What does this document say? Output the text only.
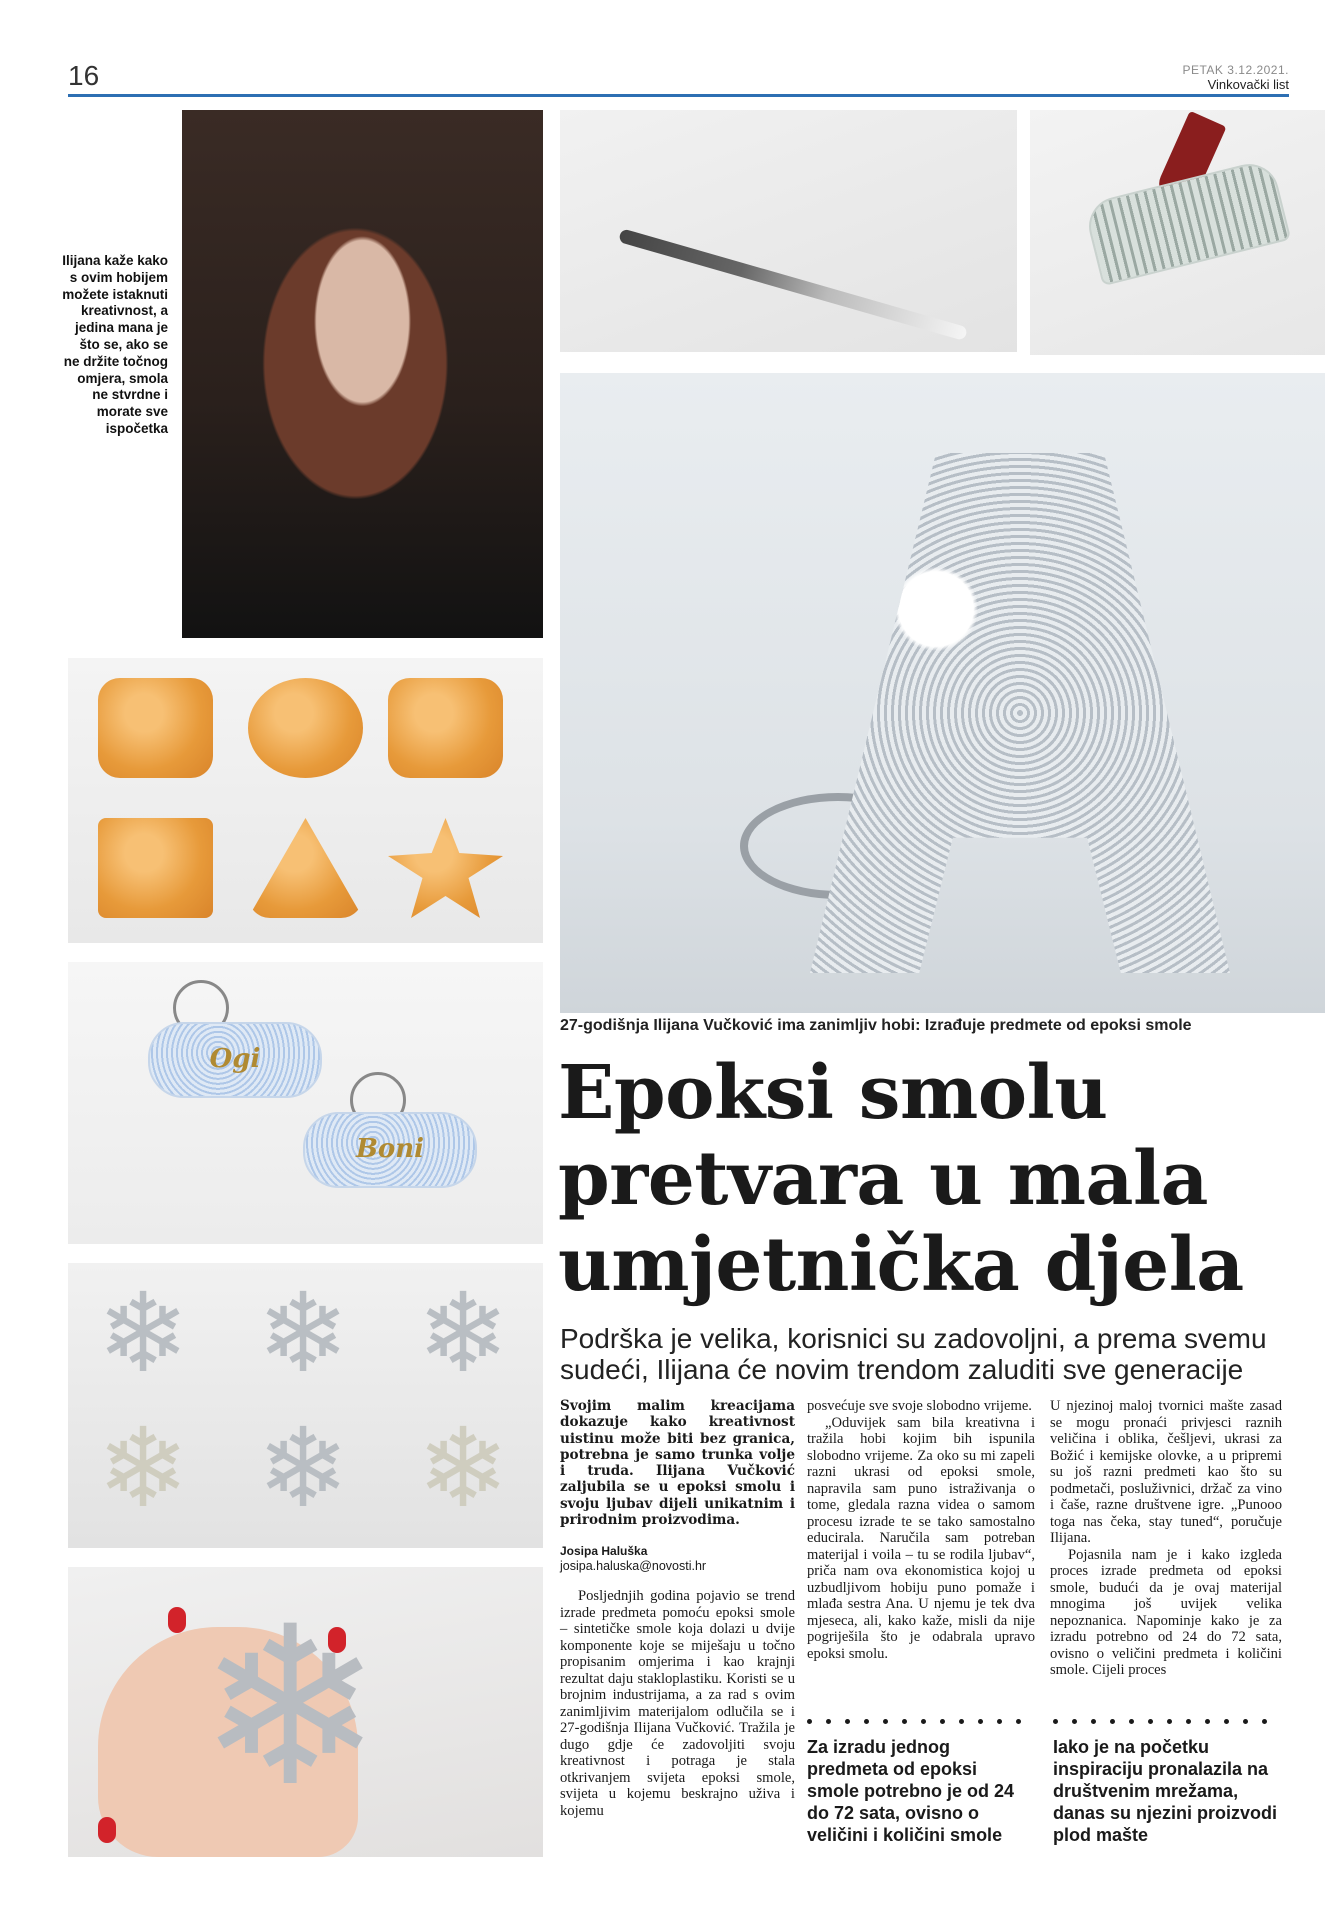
16	PETAK 3.12.2021.
Vinkovački list
Ogi
Boni
❄ ❄ ❄
❄ ❄ ❄
❄
Ilijana kaže kako s ovim hobijem možete istaknuti kreativnost, a jedina mana je što se, ako se ne držite točnog omjera, smola ne stvrdne i morate sve ispočetka
27-godišnja Ilijana Vučković ima zanimljiv hobi: Izrađuje predmete od epoksi smole
Epoksi smolu
pretvara u mala
umjetnička djela

Podrška je velika, korisnici su zadovoljni, a prema svemu sudeći, Ilijana će novim trendom zaluditi sve generacije

Svojim malim kreacijama dokazuje kako kreativnost uistinu može biti bez granica, potrebna je samo trunka volje i truda. Ilijana Vučković zaljubila se u epoksi smolu i svoju ljubav dijeli unikatnim i prirodnim proizvodima.

Josipa Haluška

josipa.haluska@novosti.hr

Posljednjih godina pojavio se trend izrade predmeta pomoću epoksi smole – sintetičke smole koja dolazi u dvije komponente koje se miješaju u točno propisanim omjerima i kao krajnji rezultat daju stakloplastiku. Koristi se u brojnim industrijama, a za rad s ovim zanimljivim materijalom odlučila se i 27-godišnja Ilijana Vučković. Tražila je dugo gdje će zadovoljiti svoju kreativnost i potraga je stala otkrivanjem svijeta epoksi smole, svijeta u kojemu beskrajno uživa i kojemu

posvećuje sve svoje slobodno vrijeme.

„Oduvijek sam bila kreativna i tražila hobi kojim bih ispunila slobodno vrijeme. Za oko su mi zapeli razni ukrasi od epoksi smole, napravila sam puno istraživanja o tome, gledala razna videa o samom procesu izrade te se tako samostalno educirala. Naručila sam potreban materijal i voila – tu se rodila ljubav“, priča nam ova ekonomistica kojoj u uzbudljivom hobiju puno pomaže i mlađa sestra Ana. U njemu je tek dva mjeseca, ali, kako kaže, misli da nije pogriješila što je odabrala upravo epoksi smolu.

Za izradu jednog predmeta od epoksi smole potrebno je od 24 do 72 sata, ovisno o veličini i količini smole

U njezinoj maloj tvornici mašte zasad se mogu pronaći privjesci raznih veličina i oblika, češljevi, ukrasi za Božić i kemijske olovke, a u pripremi su još razni predmeti kao što su podmetači, posluživnici, držač za vino i čaše, razne društvene igre. „Punooo toga nas čeka, stay tuned“, poručuje Ilijana.

Pojasnila nam je i kako izgleda proces izrade predmeta od epoksi smole, budući da je ovaj materijal mnogima još uvijek velika nepoznanica. Napominje kako je za izradu potrebno od 24 do 72 sata, ovisno o veličini predmeta i količini smole. Cijeli proces

Iako je na početku inspiraciju pronalazila na društvenim mrežama, danas su njezini proizvodi plod mašte
